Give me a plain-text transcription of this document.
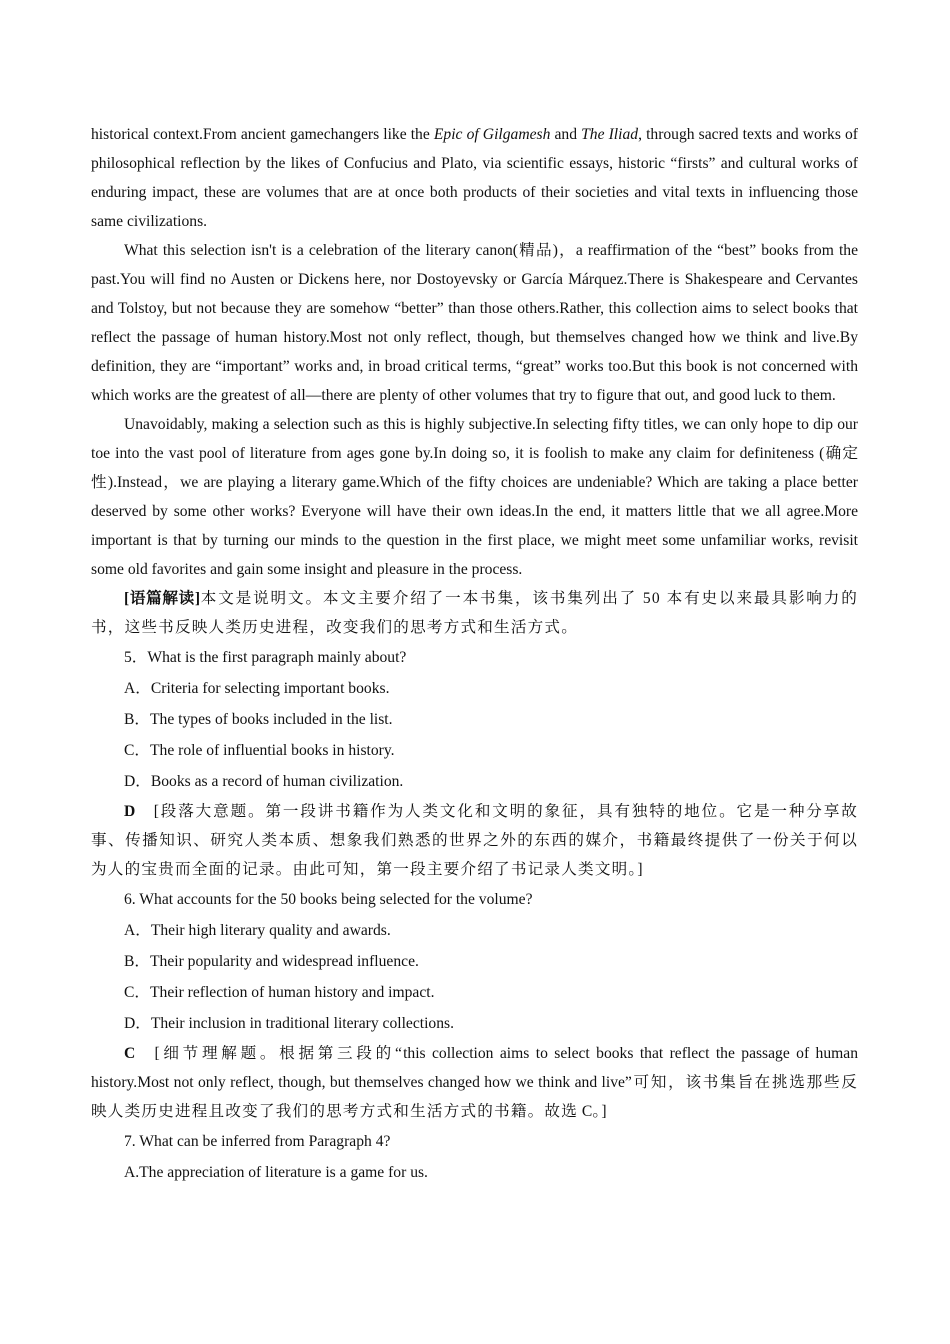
historical context.From ancient gamechangers like the Epic of Gilgamesh and The Iliad, through sacred texts and works of philosophical reflection by the likes of Confucius and Plato, via scientific essays, historic “firsts” and cultural works of enduring impact, these are volumes that are at once both products of their societies and vital texts in influencing those same civilizations.

What this selection isn't is a celebration of the literary canon(精品)，a reaffirmation of the “best” books from the past.You will find no Austen or Dickens here, nor Dostoyevsky or García Márquez.There is Shakespeare and Cervantes and Tolstoy, but not because they are somehow “better” than those others.Rather, this collection aims to select books that reflect the passage of human history.Most not only reflect, though, but themselves changed how we think and live.By definition, they are “important” works and, in broad critical terms, “great” works too.But this book is not concerned with which works are the greatest of all—there are plenty of other volumes that try to figure that out, and good luck to them.

Unavoidably, making a selection such as this is highly subjective.In selecting fifty titles, we can only hope to dip our toe into the vast pool of literature from ages gone by.In doing so, it is foolish to make any claim for definiteness (确定性).Instead，we are playing a literary game.Which of the fifty choices are undeniable? Which are taking a place better deserved by some other works? Everyone will have their own ideas.In the end, it matters little that we all agree.More important is that by turning our minds to the question in the first place, we might meet some unfamiliar works, revisit some old favorites and gain some insight and pleasure in the process.

[语篇解读]本文是说明文。本文主要介绍了一本书集，该书集列出了 50 本有史以来最具影响力的书，这些书反映人类历史进程，改变我们的思考方式和生活方式。

5．What is the first paragraph mainly about?

A．Criteria for selecting important books.

B．The types of books included in the list.

C．The role of influential books in history.

D．Books as a record of human civilization.

D [段落大意题。第一段讲书籍作为人类文化和文明的象征，具有独特的地位。它是一种分享故事、传播知识、研究人类本质、想象我们熟悉的世界之外的东西的媒介，书籍最终提供了一份关于何以为人的宝贵而全面的记录。由此可知，第一段主要介绍了书记录人类文明。]

6. What accounts for the 50 books being selected for the volume?

A．Their high literary quality and awards.

B．Their popularity and widespread influence.

C．Their reflection of human history and impact.

D．Their inclusion in traditional literary collections.

C [细节理解题。根据第三段的“this collection aims to select books that reflect the passage of human history.Most not only reflect, though, but themselves changed how we think and live”可知，该书集旨在挑选那些反映人类历史进程且改变了我们的思考方式和生活方式的书籍。故选 C。]

7. What can be inferred from Paragraph 4?

A.The appreciation of literature is a game for us.
